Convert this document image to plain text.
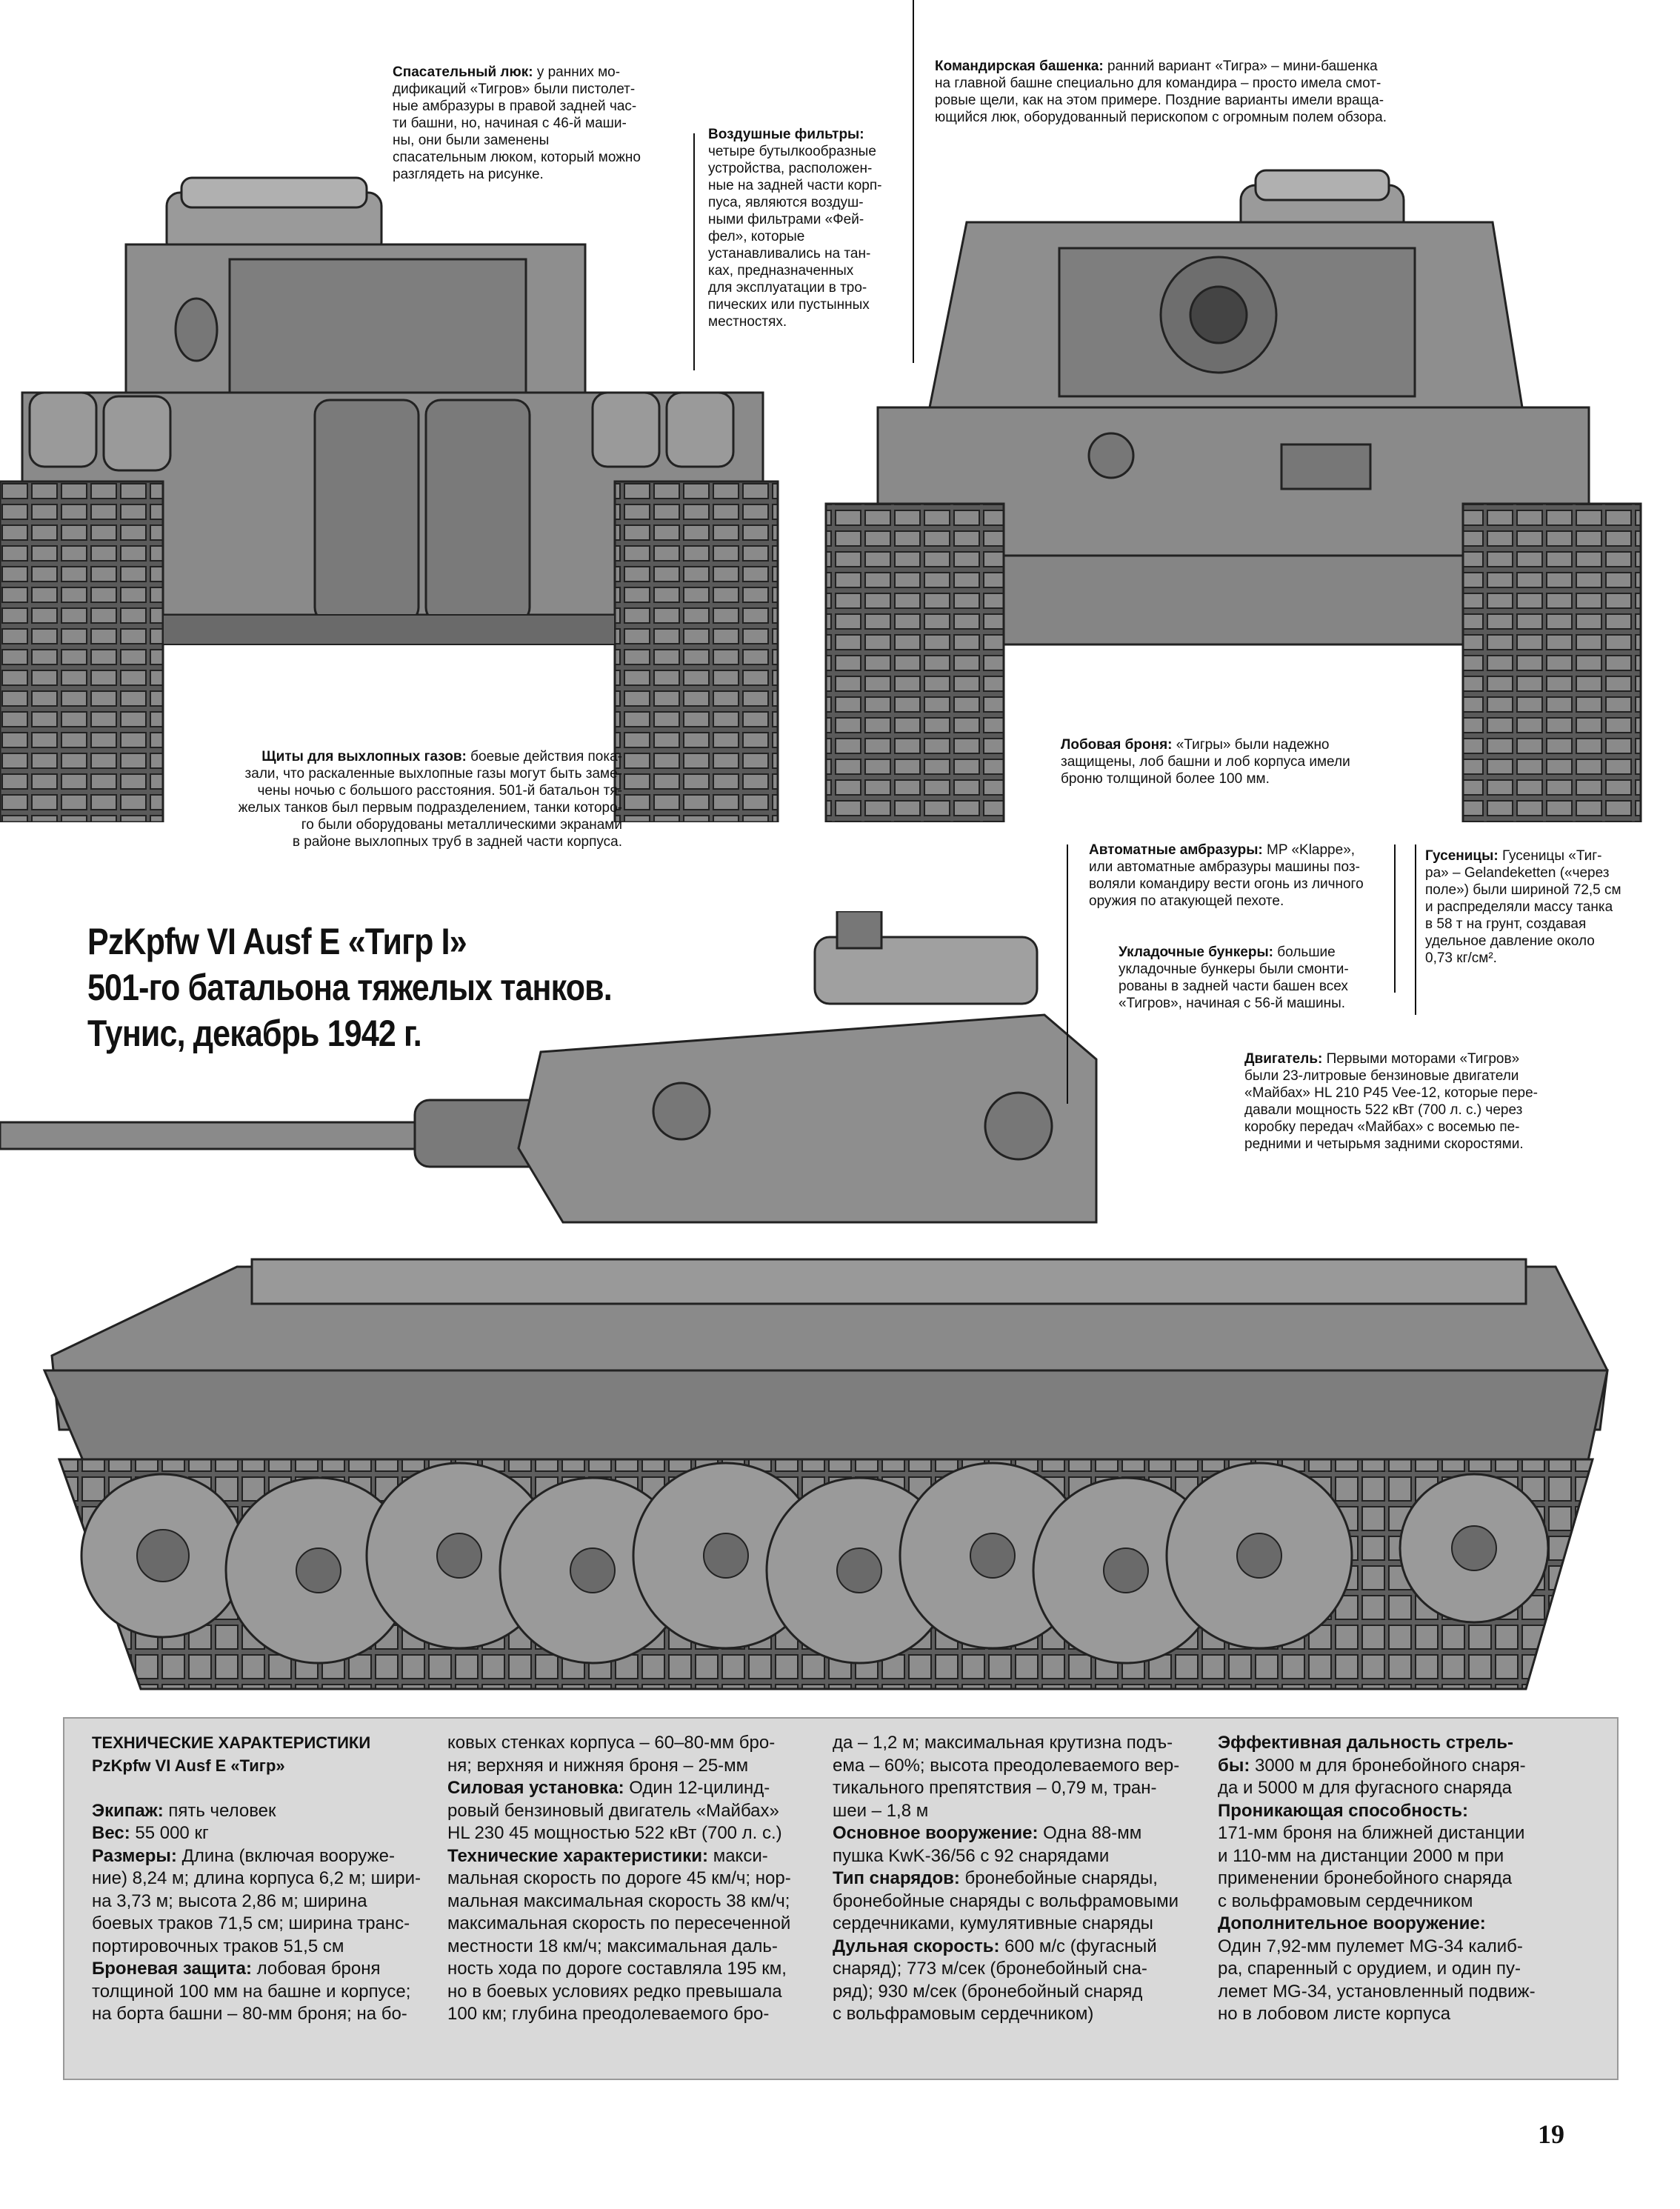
Спасательный люк: у ранних мо-
дификаций «Тигров» были пистолет-
ные амбразуры в правой задней час-
ти башни, но, начиная с 46-й маши-
ны, они были заменены
спасательным люком, который можно
разглядеть на рисунке.
Воздушные фильтры:
четыре бутылкообразные
устройства, расположен-
ные на задней части корп-
пуса, являются воздуш-
ными фильтрами «Фей-
фел», которые
устанавливались на тан-
ках, предназначенных
для эксплуатации в тро-
пических или пустынных
местностях.
Командирская башенка: ранний вариант «Тигра» – мини-башенка
на главной башне специально для командира – просто имела смот-
ровые щели, как на этом примере. Поздние варианты имели враща-
ющийся люк, оборудованный перископом с огромным полем обзора.
Щиты для выхлопных газов: боевые действия пока-
зали, что раскаленные выхлопные газы могут быть заме-
чены ночью с большого расстояния. 501-й батальон тя-
желых танков был первым подразделением, танки которо-
го были оборудованы металлическими экранами
в районе выхлопных труб в задней части корпуса.
Лобовая броня: «Тигры» были надежно
защищены, лоб башни и лоб корпуса имели
броню толщиной более 100 мм.
Автоматные амбразуры: MP «Klappe»,
или автоматные амбразуры машины поз-
воляли командиру вести огонь из личного
оружия по атакующей пехоте.
Гусеницы: Гусеницы «Тиг-
ра» – Gelandeketten («через
поле») были шириной 72,5 см
и распределяли массу танка
в 58 т на грунт, создавая
удельное давление около
0,73 кг/см².
Укладочные бункеры: большие
укладочные бункеры были смонти-
рованы в задней части башен всех
«Тигров», начиная с 56-й машины.
Двигатель: Первыми моторами «Тигров»
были 23-литровые бензиновые двигатели
«Майбах» HL 210 P45 Vee-12, которые пере-
давали мощность 522 кВт (700 л. с.) через
коробку передач «Майбах» с восемью пе-
редними и четырьмя задними скоростями.
PzKpfw VI Ausf E «Тигр I»
501-го батальона тяжелых танков.
Тунис, декабрь 1942 г.

ТЕХНИЧЕСКИЕ ХАРАКТЕРИСТИКИ

PzKpfw VI Ausf E «Тигр»

Экипаж: пять человек

Вес: 55 000 кг

Размеры: Длина (включая вооруже-

ние) 8,24 м; длина корпуса 6,2 м; шири-

на 3,73 м; высота 2,86 м; ширина

боевых траков 71,5 см; ширина транс-

портировочных траков 51,5 см

Броневая защита: лобовая броня

толщиной 100 мм на башне и корпусе;

на борта башни – 80-мм броня; на бо-

ковых стенках корпуса – 60–80-мм бро-

ня; верхняя и нижняя броня – 25-мм

Силовая установка: Один 12-цилинд-

ровый бензиновый двигатель «Майбах»

HL 230 45 мощностью 522 кВт (700 л. с.)

Технические характеристики: макси-

мальная скорость по дороге 45 км/ч; нор-

мальная максимальная скорость 38 км/ч;

максимальная скорость по пересеченной

местности 18 км/ч; максимальная даль-

ность хода по дороге составляла 195 км,

но в боевых условиях редко превышала

100 км; глубина преодолеваемого бро-

да – 1,2 м; максимальная крутизна подъ-

ема – 60%; высота преодолеваемого вер-

тикального препятствия – 0,79 м, тран-

шеи – 1,8 м

Основное вооружение: Одна 88-мм

пушка KwK-36/56 с 92 снарядами

Тип снарядов: бронебойные снаряды,

бронебойные снаряды с вольфрамовыми

сердечниками, кумулятивные снаряды

Дульная скорость: 600 м/с (фугасный

снаряд); 773 м/сек (бронебойный сна-

ряд); 930 м/сек (бронебойный снаряд

с вольфрамовым сердечником)

Эффективная дальность стрель-

бы: 3000 м для бронебойного снаря-

да и 5000 м для фугасного снаряда

Проникающая способность:

171-мм броня на ближней дистанции

и 110-мм на дистанции 2000 м при

применении бронебойного снаряда

с вольфрамовым сердечником

Дополнительное вооружение:

Один 7,92-мм пулемет MG-34 калиб-

ра, спаренный с орудием, и один пу-

лемет MG-34, установленный подвиж-

но в лобовом листе корпуса

19
